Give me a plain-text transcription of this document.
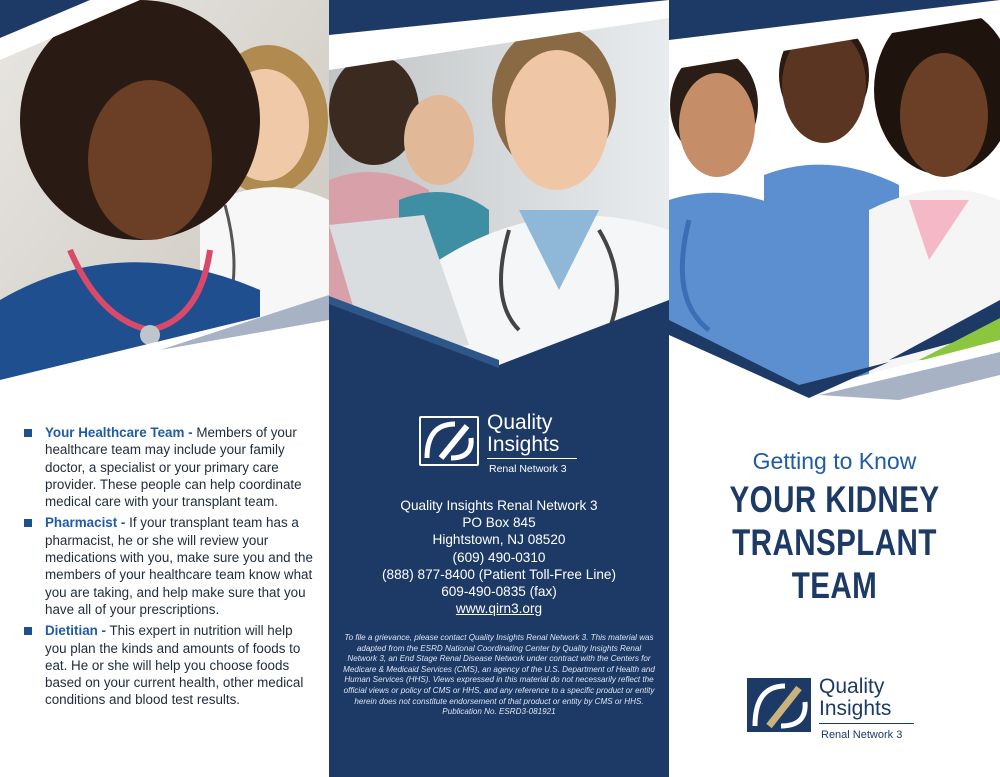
Your Healthcare Team - Members of your healthcare team may include your family doctor, a specialist or your primary care provider. These people can help coordinate medical care with your transplant team.
Pharmacist - If your transplant team has a pharmacist, he or she will review your medications with you, make sure you and the members of your healthcare team know what you are taking, and help make sure that you have all of your prescriptions.
Dietitian - This expert in nutrition will help you plan the kinds and amounts of foods to eat. He or she will help you choose foods based on your current health, other medical conditions and blood test results.
Quality
Insights
Renal Network 3
Quality Insights Renal Network 3
PO Box 845
Hightstown, NJ 08520
(609) 490-0310
(888) 877-8400 (Patient Toll-Free Line)
609-490-0835 (fax)
www.qirn3.org
To file a grievance, please contact Quality Insights Renal Network 3. This material was adapted from the ESRD National Coordinating Center by Quality Insights Renal Network 3, an End Stage Renal Disease Network under contract with the Centers for Medicare & Medicaid Services (CMS), an agency of the U.S. Department of Health and Human Services (HHS). Views expressed in this material do not necessarily reflect the official views or policy of CMS or HHS, and any reference to a specific product or entity herein does not constitute endorsement of that product or entity by CMS or HHS. Publication No. ESRD3-081921
Getting to Know
YOUR KIDNEY
TRANSPLANT
TEAM
Quality
Insights
Renal Network 3
